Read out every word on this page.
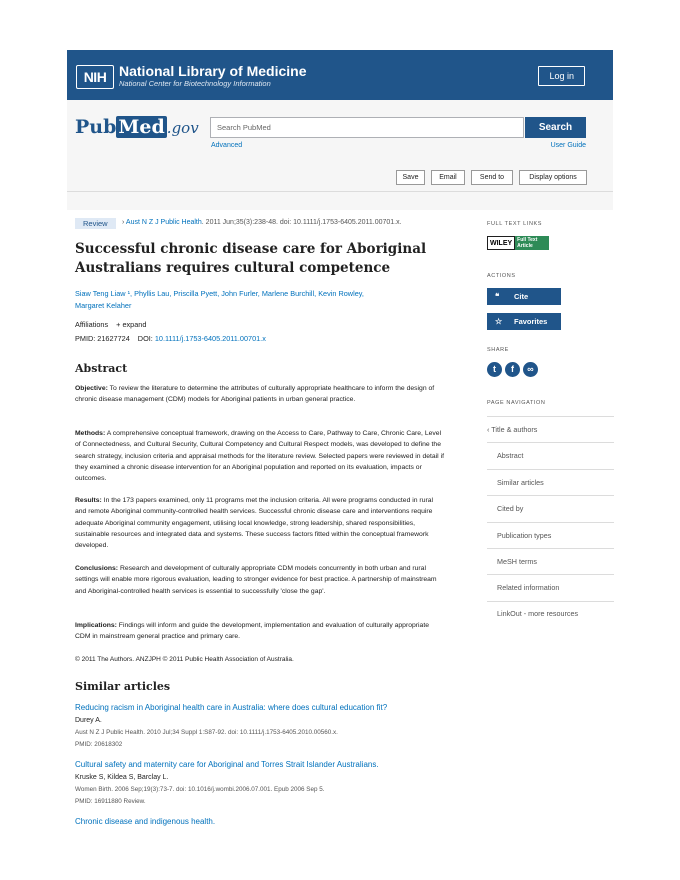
NIH National Library of Medicine
National Center for Biotechnology Information
Log in
Pub Med .gov	Search PubMed	Search
Advanced	User Guide
Save	Email	Send to	Display options
Review	› Aust N Z J Public Health. 2011 Jun;35(3):238-48. doi: 10.1111/j.1753-6405.2011.00701.x.
Successful chronic disease care for Aboriginal Australians requires cultural competence
Siaw Teng Liaw ¹, Phyllis Lau, Priscilla Pyett, John Furler, Marlene Burchill, Kevin Rowley,
Margaret Kelaher
Affiliations + expand
PMID: 21627724 DOI: 10.1111/j.1753-6405.2011.00701.x
Abstract
Objective: To review the literature to determine the attributes of culturally appropriate healthcare to inform the design of chronic disease management (CDM) models for Aboriginal patients in urban general practice.
Methods: A comprehensive conceptual framework, drawing on the Access to Care, Pathway to Care, Chronic Care, Level of Connectedness, and Cultural Security, Cultural Competency and Cultural Respect models, was developed to define the search strategy, inclusion criteria and appraisal methods for the literature review. Selected papers were reviewed in detail if they examined a chronic disease intervention for an Aboriginal population and reported on its evaluation, impacts or outcomes.
Results: In the 173 papers examined, only 11 programs met the inclusion criteria. All were programs conducted in rural and remote Aboriginal community-controlled health services. Successful chronic disease care and interventions require adequate Aboriginal community engagement, utilising local knowledge, strong leadership, shared responsibilities, sustainable resources and integrated data and systems. These success factors fitted within the conceptual framework developed.
Conclusions: Research and development of culturally appropriate CDM models concurrently in both urban and rural settings will enable more rigorous evaluation, leading to stronger evidence for best practice. A partnership of mainstream and Aboriginal-controlled health services is essential to successfully 'close the gap'.
Implications: Findings will inform and guide the development, implementation and evaluation of culturally appropriate CDM in mainstream general practice and primary care.
© 2011 The Authors. ANZJPH © 2011 Public Health Association of Australia.
Similar articles
Reducing racism in Aboriginal health care in Australia: where does cultural education fit?
Durey A.
Aust N Z J Public Health. 2010 Jul;34 Suppl 1:S87-92. doi: 10.1111/j.1753-6405.2010.00560.x.
PMID: 20618302
Cultural safety and maternity care for Aboriginal and Torres Strait Islander Australians.
Kruske S, Kildea S, Barclay L.
Women Birth. 2006 Sep;19(3):73-7. doi: 10.1016/j.wombi.2006.07.001. Epub 2006 Sep 5.
PMID: 16911880 Review.
Chronic disease and indigenous health.
FULL TEXT LINKS
WILEY	Full Text Article
ACTIONS
❝ Cite
☆ Favorites
SHARE
t	f	∞
PAGE NAVIGATION
‹ Title & authors
Abstract
Similar articles
Cited by
Publication types
MeSH terms
Related information
LinkOut - more resources
